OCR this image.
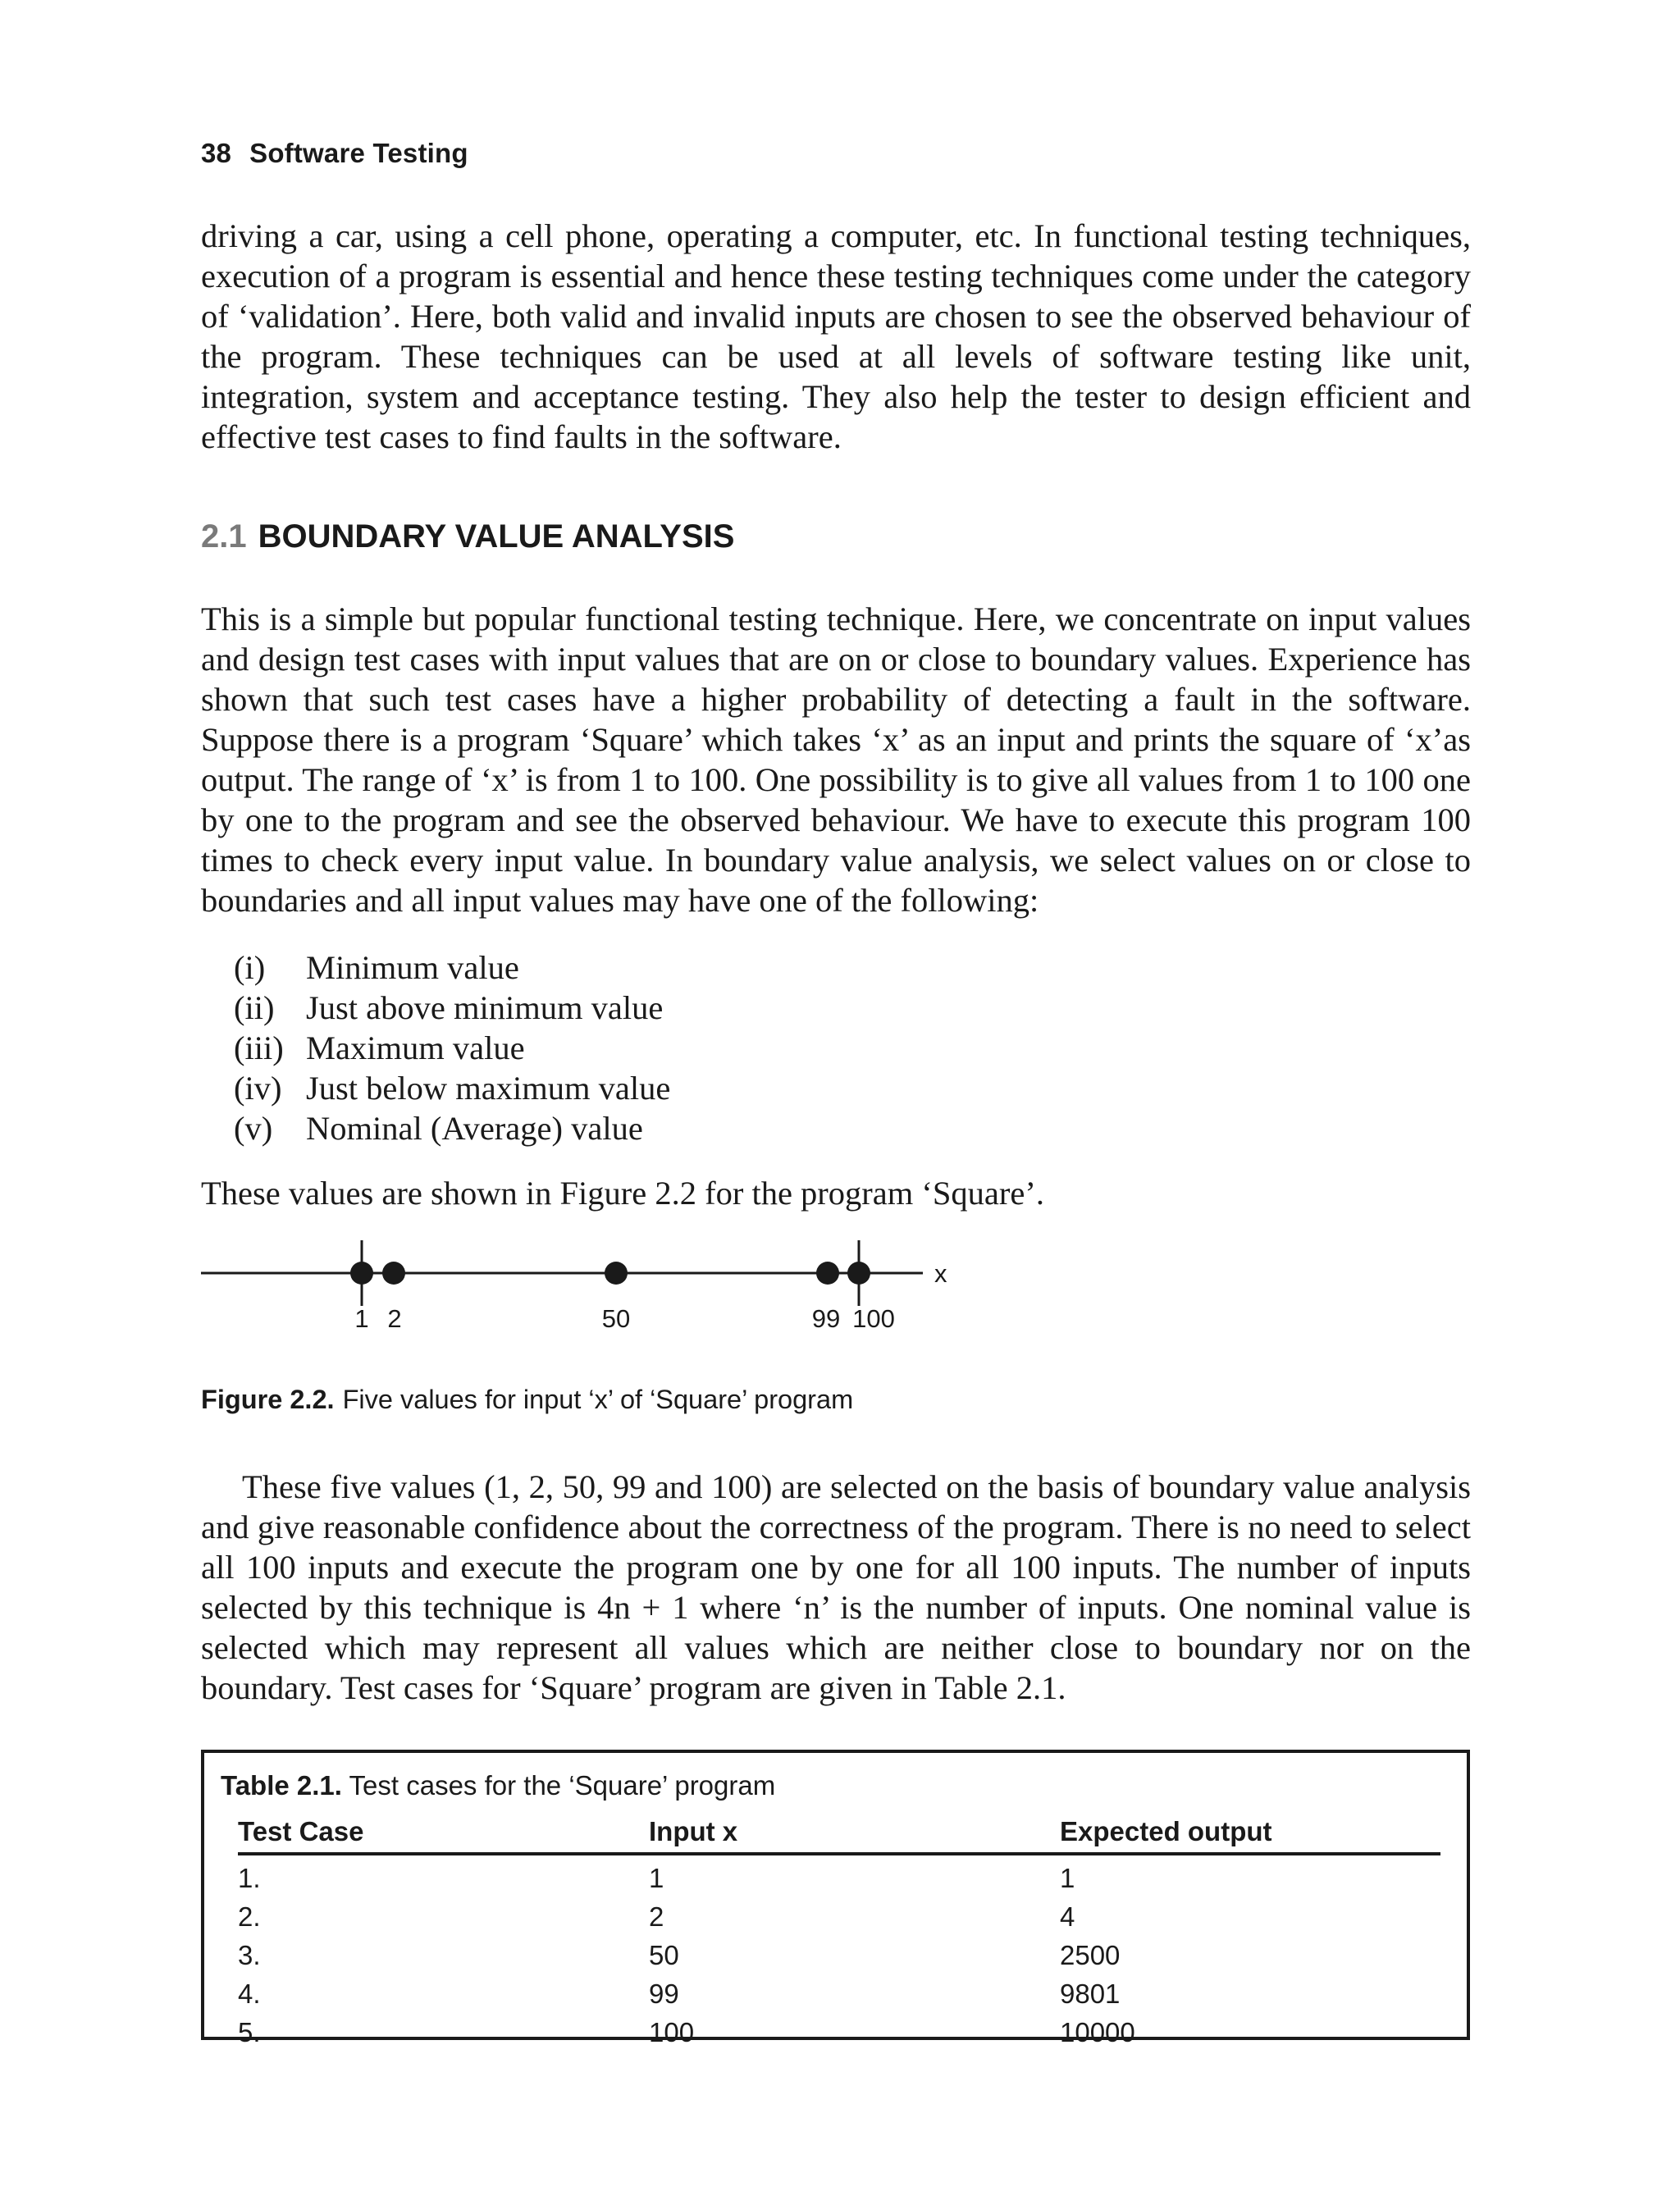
38 Software Testing

driving a car, using a cell phone, operating a computer, etc. In functional testing techniques, execution of a program is essential and hence these testing techniques come under the category of ‘validation’. Here, both valid and invalid inputs are chosen to see the observed behaviour of the program. These techniques can be used at all levels of software testing like unit, integration, system and acceptance testing. They also help the tester to design efficient and effective test cases to find faults in the software.

2.1 BOUNDARY VALUE ANALYSIS

This is a simple but popular functional testing technique. Here, we concentrate on input values and design test cases with input values that are on or close to boundary values. Experience has shown that such test cases have a higher probability of detecting a fault in the software. Suppose there is a program ‘Square’ which takes ‘x’ as an input and prints the square of ‘x’as output. The range of ‘x’ is from 1 to 100. One possibility is to give all values from 1 to 100 one by one to the program and see the observed behaviour. We have to execute this program 100 times to check every input value. In boundary value analysis, we select values on or close to boundaries and all input values may have one of the following:

(i)	Minimum value
(ii) Just above minimum value
(iii) Maximum value
(iv) Just below maximum value
(v)	Nominal (Average) value

These values are shown in Figure 2.2 for the program ‘Square’.

x
1 2	50	99 100
Figure 2.2. Five values for input ‘x’ of ‘Square’ program

These five values (1, 2, 50, 99 and 100) are selected on the basis of boundary value analysis and give reasonable confidence about the correctness of the program. There is no need to select all 100 inputs and execute the program one by one for all 100 inputs. The number of inputs selected by this technique is 4n + 1 where ‘n’ is the number of inputs. One nominal value is selected which may represent all values which are neither close to boundary nor on the boundary. Test cases for ‘Square’ program are given in Table 2.1.

Table 2.1. Test cases for the ‘Square’ program
Test Case	Input x	Expected output
1.	1	1
2.	2	4
3.	50	2500
4.	99	9801
5.	100	10000
